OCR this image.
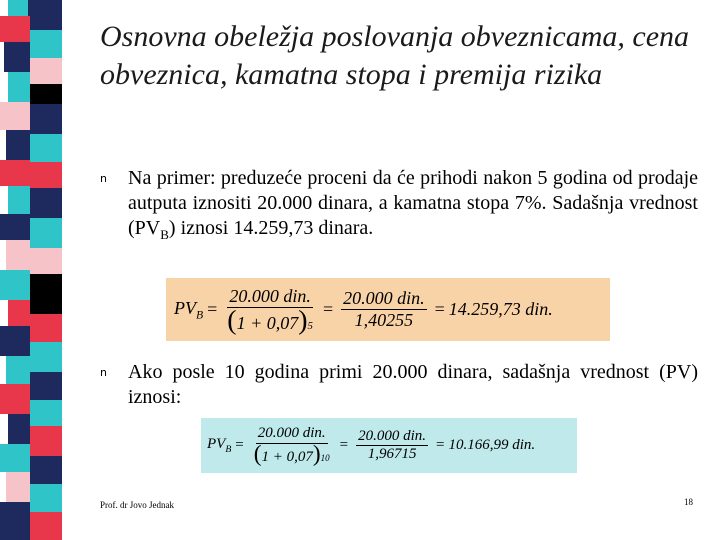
Osnovna obeležja poslovanja obveznicama, cena obveznica, kamatna stopa i premija rizika
n Na primer: preduzeće proceni da će prihodi nakon 5 godina od prodaje autputa iznositi 20.000 dinara, a kamatna stopa 7%. Sadašnja vrednost $(PV_B)$ iznosi 14.259,73 dinara.
$PV_B = \frac{\text{20.000 din.}}{( 1 + 0,07 ) 5} = \frac{\text{20.000 din.}}{1,40255} = 14.259,73$ din.
n Ako posle 10 godina primi 20.000 dinara, sadašnja vrednost (PV) iznosi:
$PV_B = \frac{\text{20.000 din.}}{( 1 + 0,07 ) 10} = \frac{\text{20.000 din.}}{1,96715} = 10.166,99$ din.
Prof. dr Jovo Jednak	18
